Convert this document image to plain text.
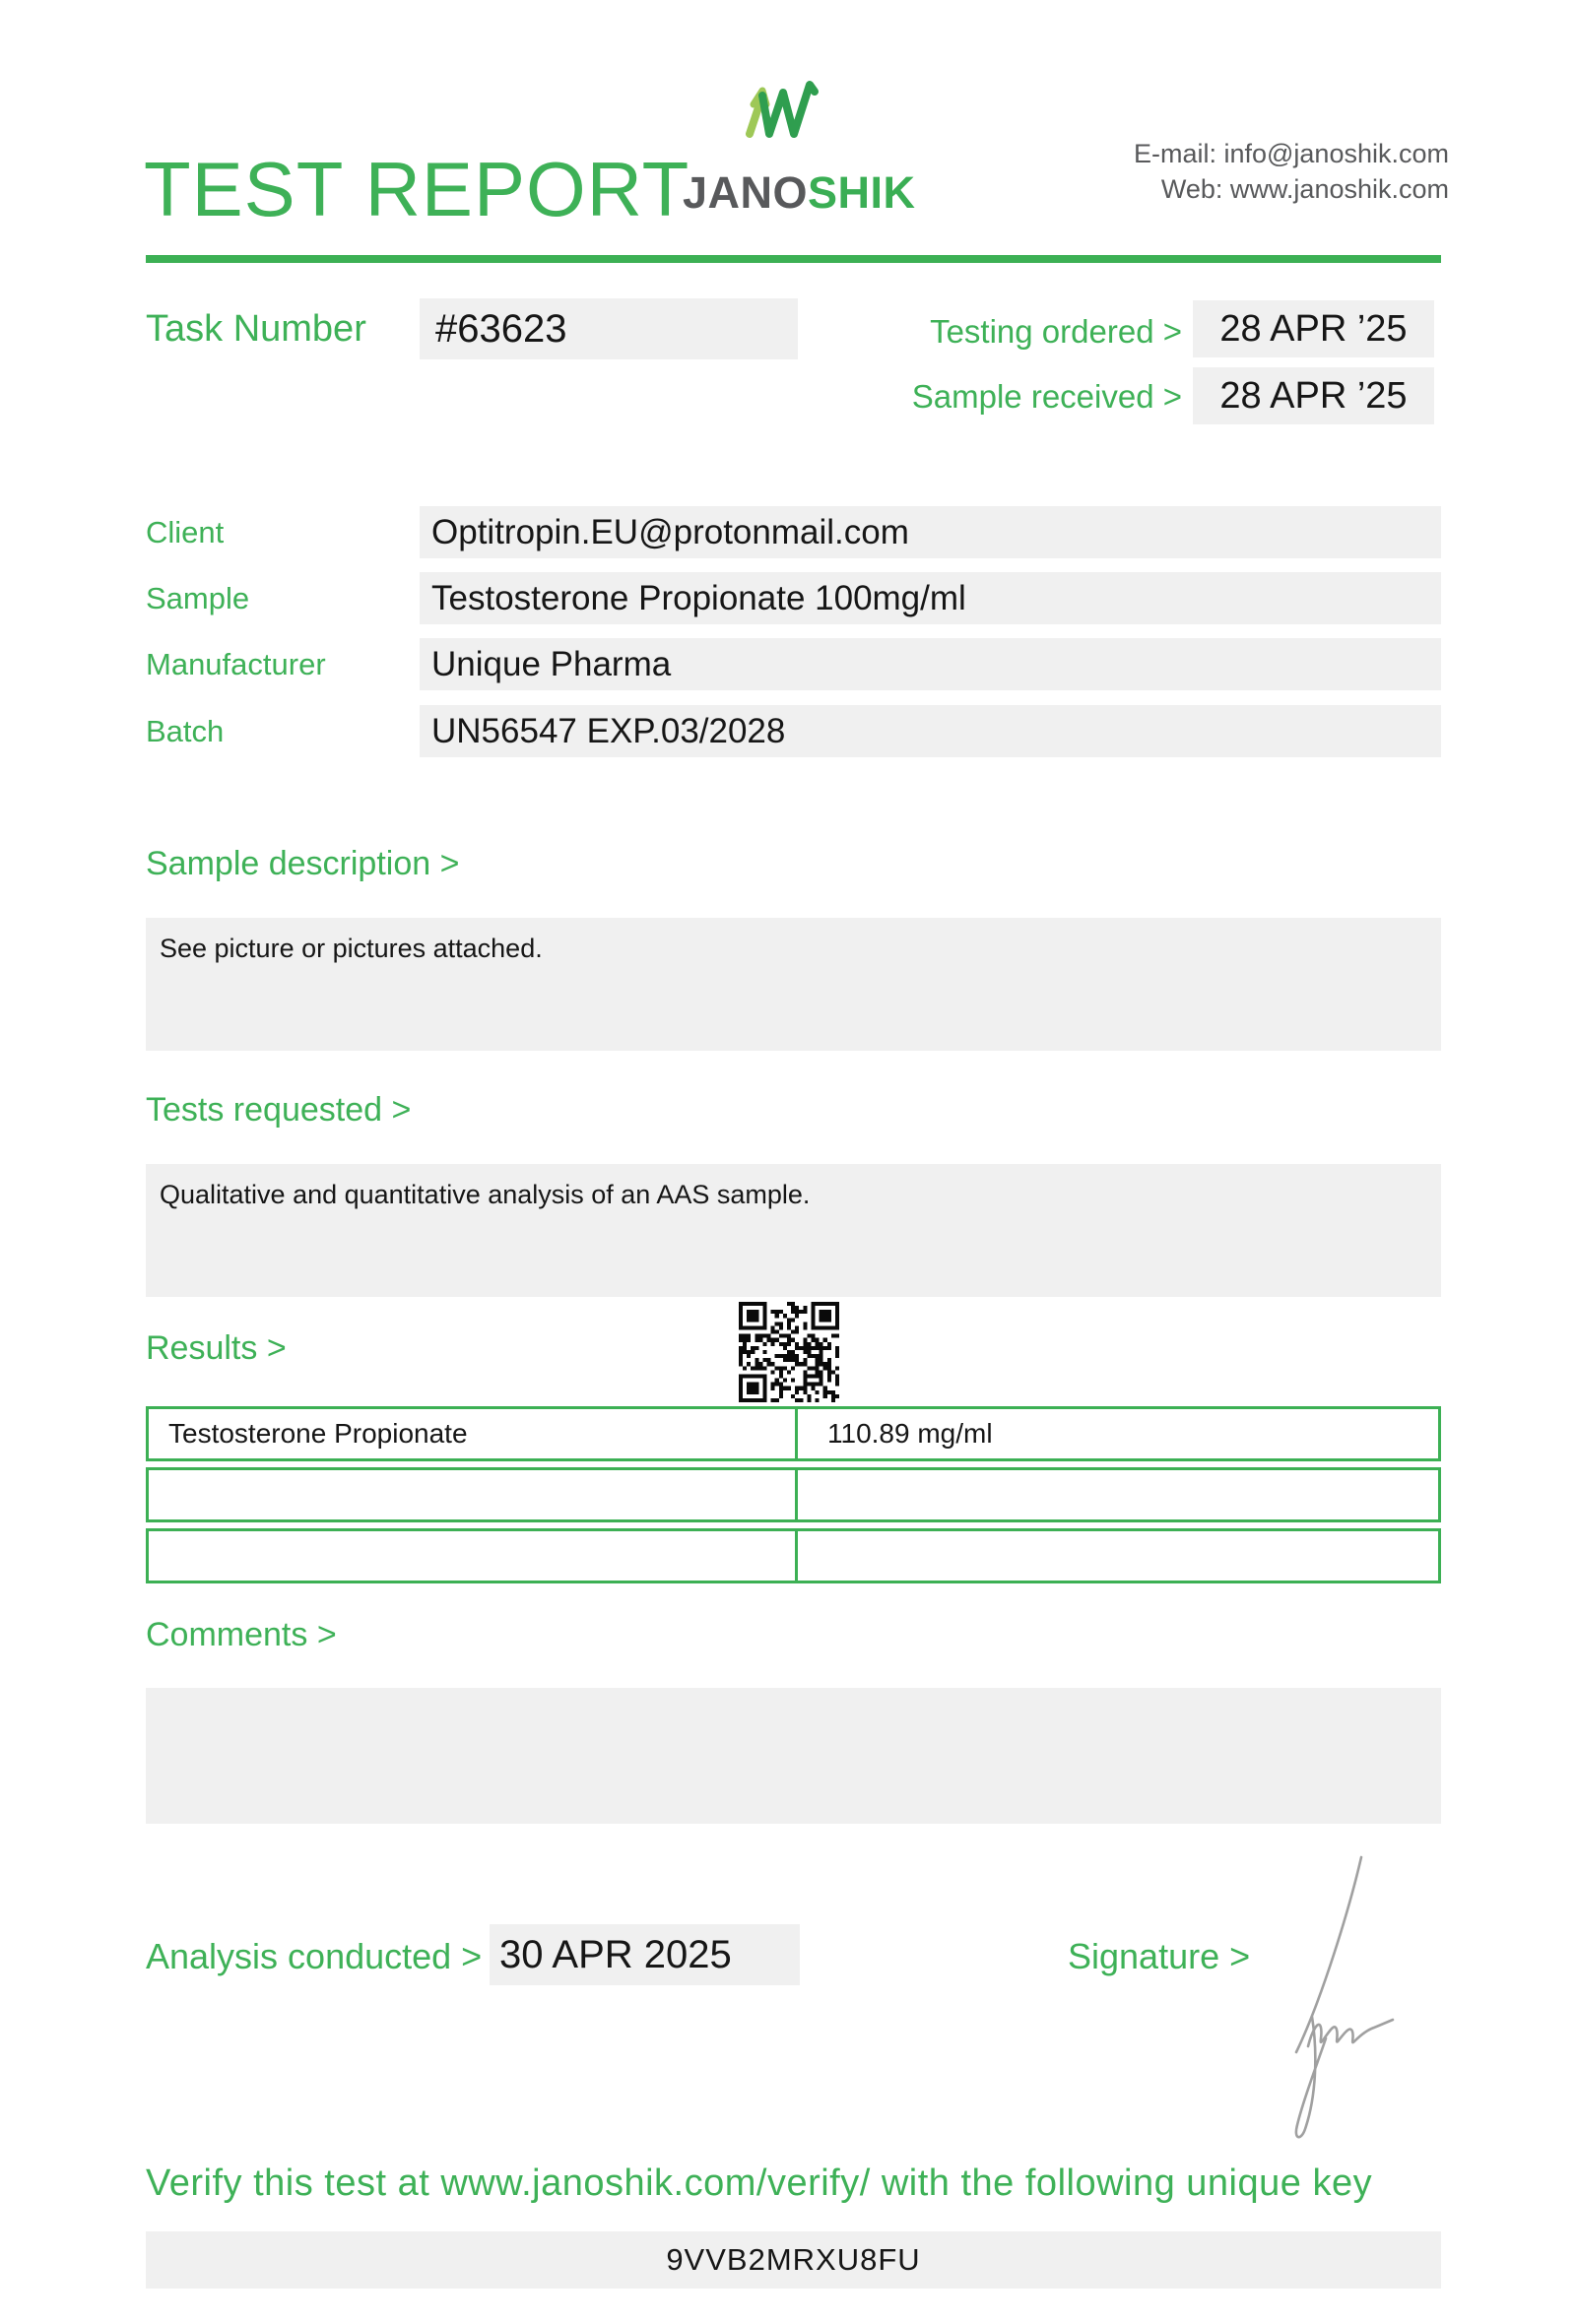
TEST REPORT
JANOSHIK
E-mail: info@janoshik.com
Web: www.janoshik.com
Task Number	#63623	Testing ordered >	28 APR ’25
Sample received >	28 APR ’25
Client	Optitropin.EU@protonmail.com
Sample	Testosterone Propionate 100mg/ml
Manufacturer	Unique Pharma
Batch	UN56547 EXP.03/2028
Sample description >
See picture or pictures attached.
Tests requested >
Qualitative and quantitative analysis of an AAS sample.
Results >
Testosterone Propionate	110.89 mg/ml
Comments >
Analysis conducted > 30 APR 2025	Signature >
Verify this test at www.janoshik.com/verify/ with the following unique key
9VVB2MRXU8FU
